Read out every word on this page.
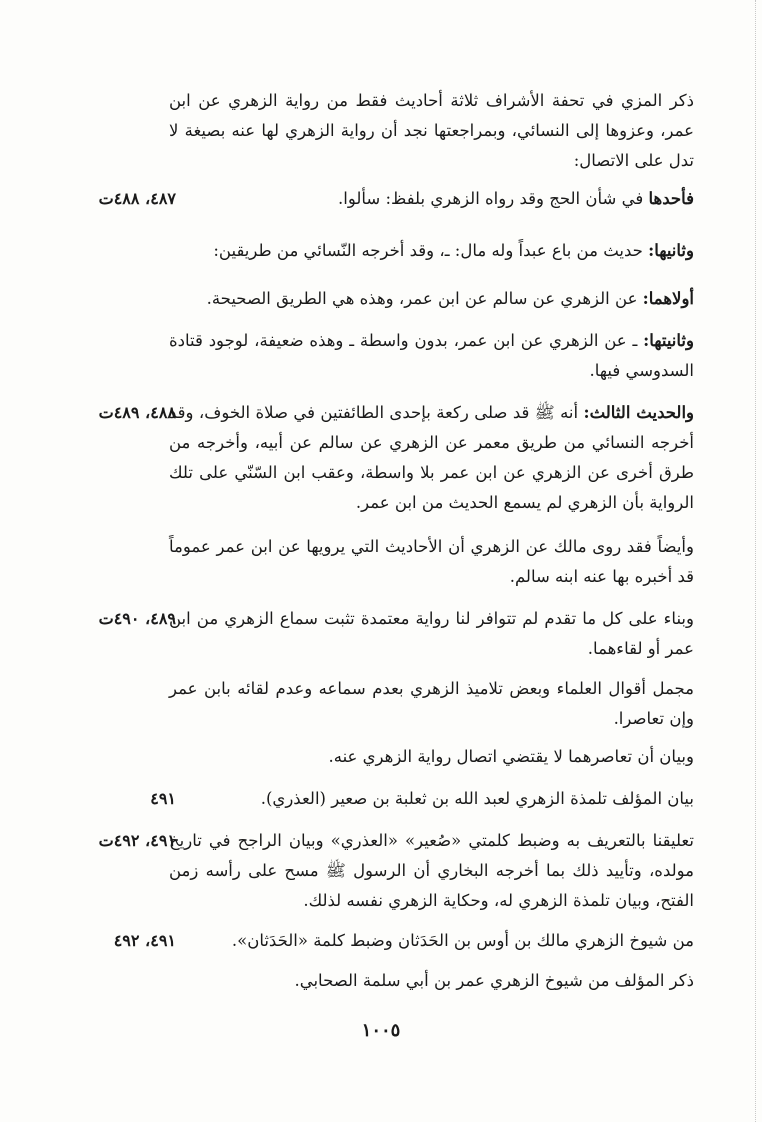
ذكر المزي في تحفة الأشراف ثلاثة أحاديث فقط من رواية الزهري عن ابن عمر، وعزوها إلى النسائي، وبمراجعتها نجد أن رواية الزهري لها عنه بصيغة لا تدل على الاتصال:
فأحدها في شأن الحج وقد رواه الزهري بلفظ: سألوا.
٤٨٧، ٤٨٨ت
وثانيها: حديث من باع عبداً وله مال: ـ، وقد أخرجه النّسائي من طريقين:
أولاهما: عن الزهري عن سالم عن ابن عمر، وهذه هي الطريق الصحيحة.
وثانيتها: ـ عن الزهري عن ابن عمر، بدون واسطة ـ وهذه ضعيفة، لوجود قتادة السدوسي فيها.
والحديث الثالث: أنه ﷺ قد صلى ركعة بإحدى الطائفتين في صلاة الخوف، وقد أخرجه النسائي من طريق معمر عن الزهري عن سالم عن أبيه، وأخرجه من طرق أخرى عن الزهري عن ابن عمر بلا واسطة، وعقب ابن السّنّي على تلك الرواية بأن الزهري لم يسمع الحديث من ابن عمر.
٤٨٨، ٤٨٩ت
وأيضاً فقد روى مالك عن الزهري أن الأحاديث التي يرويها عن ابن عمر عموماً قد أخبره بها عنه ابنه سالم.
وبناء على كل ما تقدم لم تتوافر لنا رواية معتمدة تثبت سماع الزهري من ابن عمر أو لقاءهما.
٤٨٩، ٤٩٠ت
مجمل أقوال العلماء وبعض تلاميذ الزهري بعدم سماعه وعدم لقائه بابن عمر وإن تعاصرا.
وبيان أن تعاصرهما لا يقتضي اتصال رواية الزهري عنه.
بيان المؤلف تلمذة الزهري لعبد الله بن ثعلبة بن صعير (العذري).
٤٩١
تعليقنا بالتعريف به وضبط كلمتي «صُعير» «العذري» وبيان الراجح في تاريخ مولده، وتأييد ذلك بما أخرجه البخاري أن الرسول ﷺ مسح على رأسه زمن الفتح، وبيان تلمذة الزهري له، وحكاية الزهري نفسه لذلك.
٤٩١، ٤٩٢ت
من شيوخ الزهري مالك بن أوس بن الحَدَثان وضبط كلمة «الحَدَثان».
٤٩١، ٤٩٢
ذكر المؤلف من شيوخ الزهري عمر بن أبي سلمة الصحابي.
١٠٠٥
